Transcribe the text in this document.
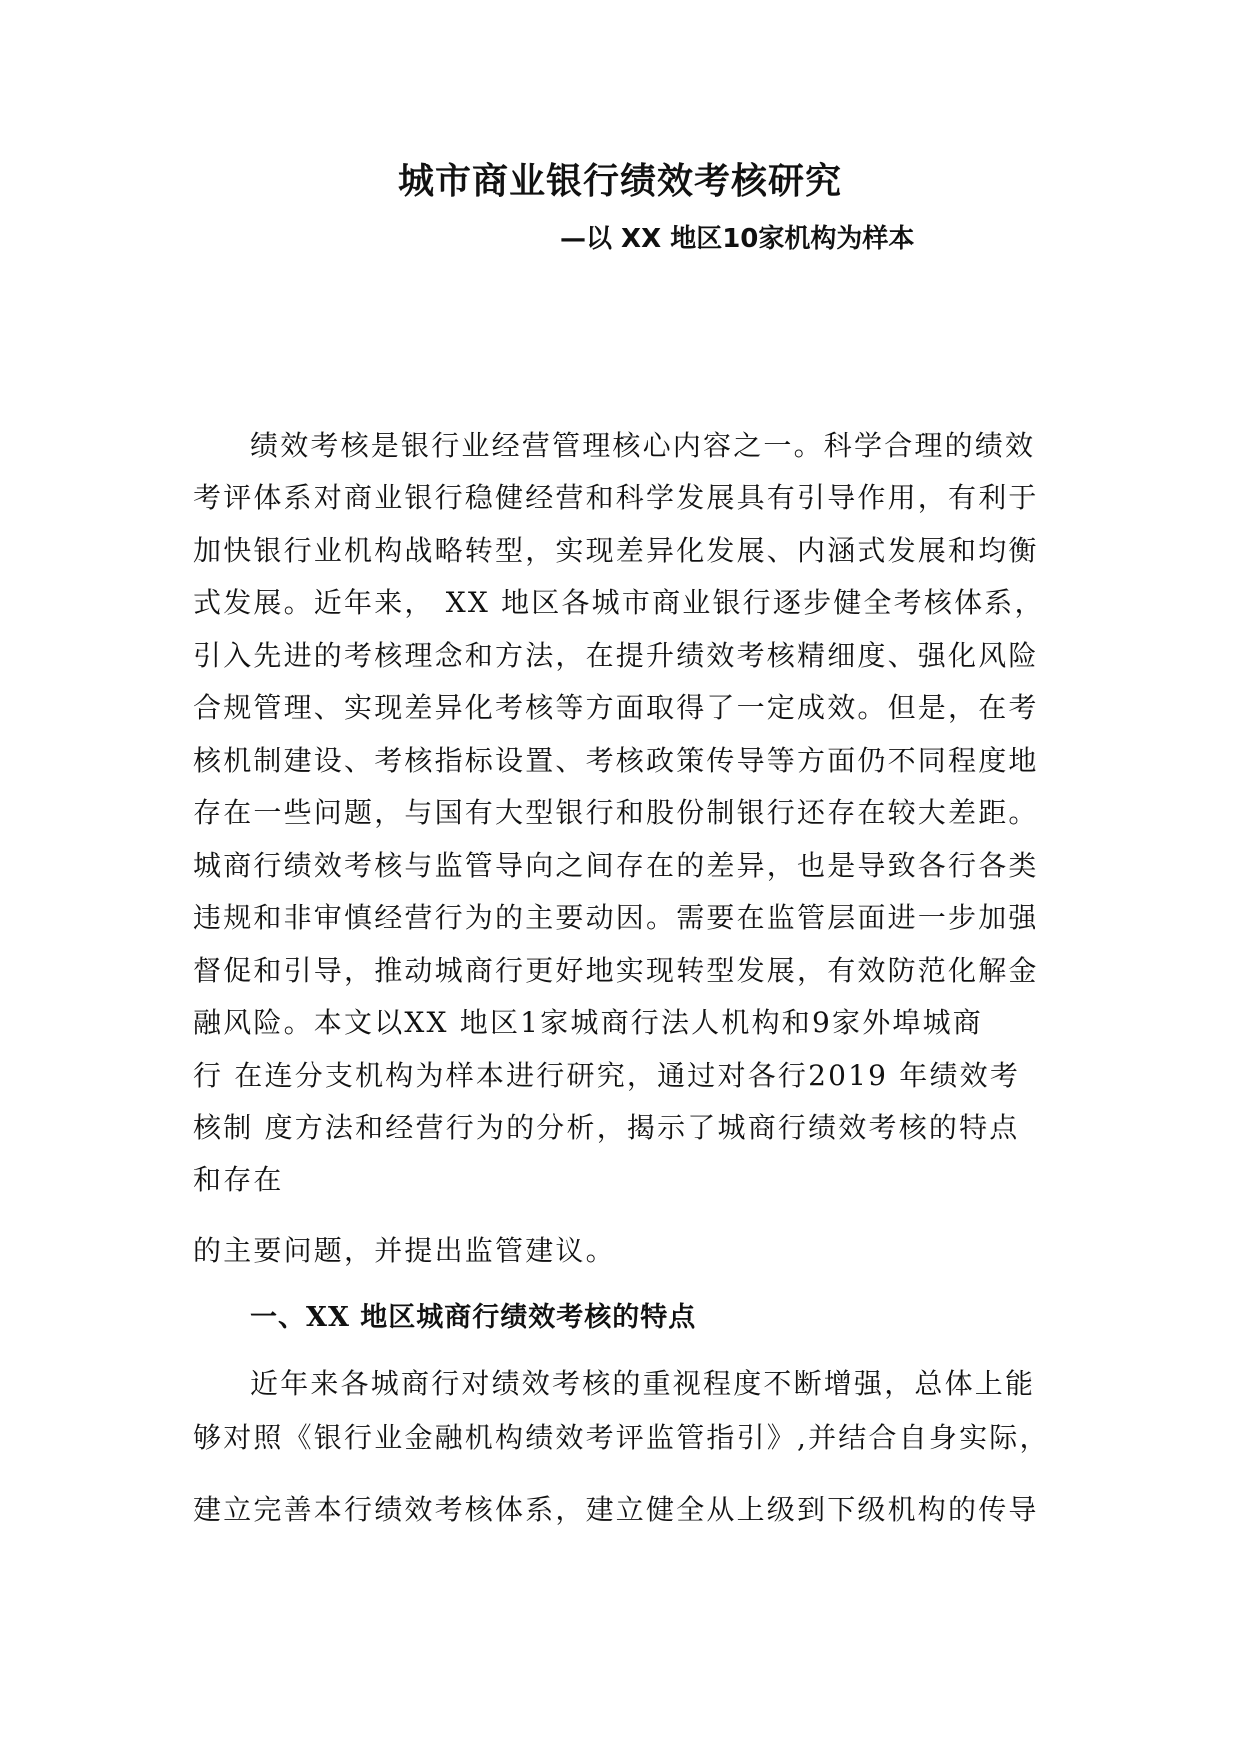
城市商业银行绩效考核研究
—以 XX 地区10家机构为样本

绩效考核是银行业经营管理核心内容之一。科学合理的绩效

考评体系对商业银行稳健经营和科学发展具有引导作用，有利于

加快银行业机构战略转型，实现差异化发展、内涵式发展和均衡

式发展。近年来， XX 地区各城市商业银行逐步健全考核体系，

引入先进的考核理念和方法，在提升绩效考核精细度、强化风险

合规管理、实现差异化考核等方面取得了一定成效。但是，在考

核机制建设、考核指标设置、考核政策传导等方面仍不同程度地

存在一些问题，与国有大型银行和股份制银行还存在较大差距。

城商行绩效考核与监管导向之间存在的差异，也是导致各行各类

违规和非审慎经营行为的主要动因。需要在监管层面进一步加强

督促和引导，推动城商行更好地实现转型发展，有效防范化解金

融风险。本文以XX 地区1家城商行法人机构和9家外埠城商

行 在连分支机构为样本进行研究，通过对各行2019 年绩效考

核制 度方法和经营行为的分析，揭示了城商行绩效考核的特点

和存在

的主要问题，并提出监管建议。

一、XX 地区城商行绩效考核的特点

近年来各城商行对绩效考核的重视程度不断增强，总体上能

够对照《银行业金融机构绩效考评监管指引》,并结合自身实际，

建立完善本行绩效考核体系，建立健全从上级到下级机构的传导
